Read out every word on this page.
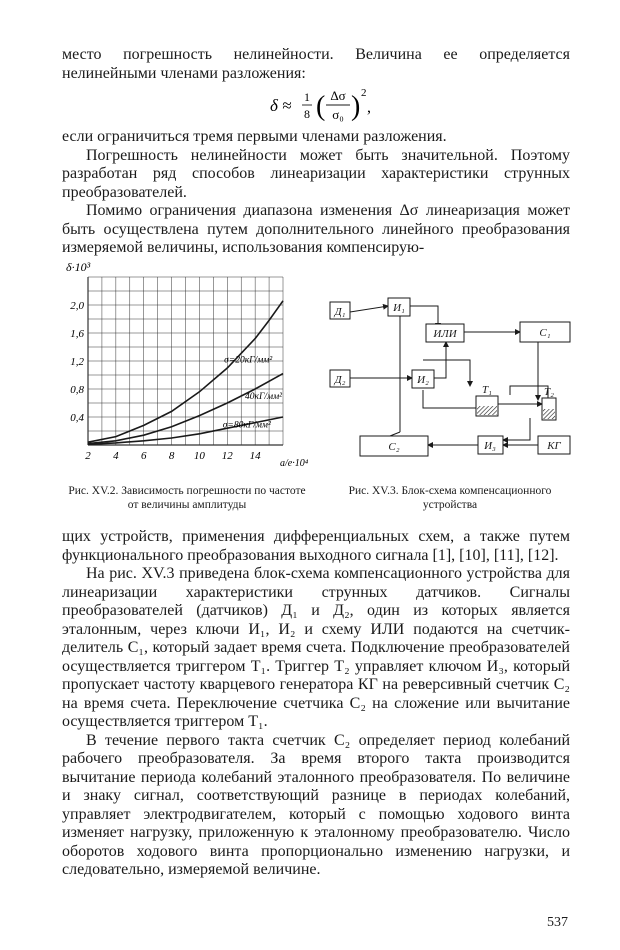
место погрешность нелинейности. Величина ее определяется нелинейными членами разложения:

δ ≈ 1
8 ( Δσ
σ₀ ) 2
,

если ограничиться тремя первыми членами разложения.

Погрешность нелинейности может быть значительной. Поэтому разработан ряд способов линеаризации характеристики струнных преобразователей.

Помимо ограничения диапазона изменения Δσ линеаризация может быть осуществлена путем дополнительного линейного преобразования измеряемой величины, использования компенсирую-

σ=20кГ/мм²
40кГ/мм²
σ=80кГ/мм²
2 4 6 8 10 12 14
0,4
0,8
1,2
1,6
2,0
δ·10³
a/e·10⁴
Рис. XV.2. Зависимость погрешности по частоте от величины амплитуды
Д₁	И₁
ИЛИ	С₁
Д₂	И₂
Т₁	Т₂
С₂	И₃	КГ
Рис. XV.3. Блок-схема компенсационного устройства

щих устройств, применения дифференциальных схем, а также путем функционального преобразования выходного сигнала [1], [10], [11], [12].

На рис. XV.3 приведена блок-схема компенсационного устройства для линеаризации характеристики струнных датчиков. Сигналы преобразователей (датчиков) Д₁ и Д₂, один из которых является эталонным, через ключи И₁, И₂ и схему ИЛИ подаются на счетчик-делитель С₁, который задает время счета. Подключение преобразователей осуществляется триггером Т₁. Триггер Т₂ управляет ключом И₃, который пропускает частоту кварцевого генератора КГ на реверсивный счетчик С₂ на время счета. Переключение счетчика С₂ на сложение или вычитание осуществляется триггером Т₁.

В течение первого такта счетчик С₂ определяет период колебаний рабочего преобразователя. За время второго такта производится вычитание периода колебаний эталонного преобразователя. По величине и знаку сигнал, соответствующий разнице в периодах колебаний, управляет электродвигателем, который с помощью ходового винта изменяет нагрузку, приложенную к эталонному преобразователю. Число оборотов ходового винта пропорционально изменению нагрузки, и следовательно, измеряемой величине.

537
